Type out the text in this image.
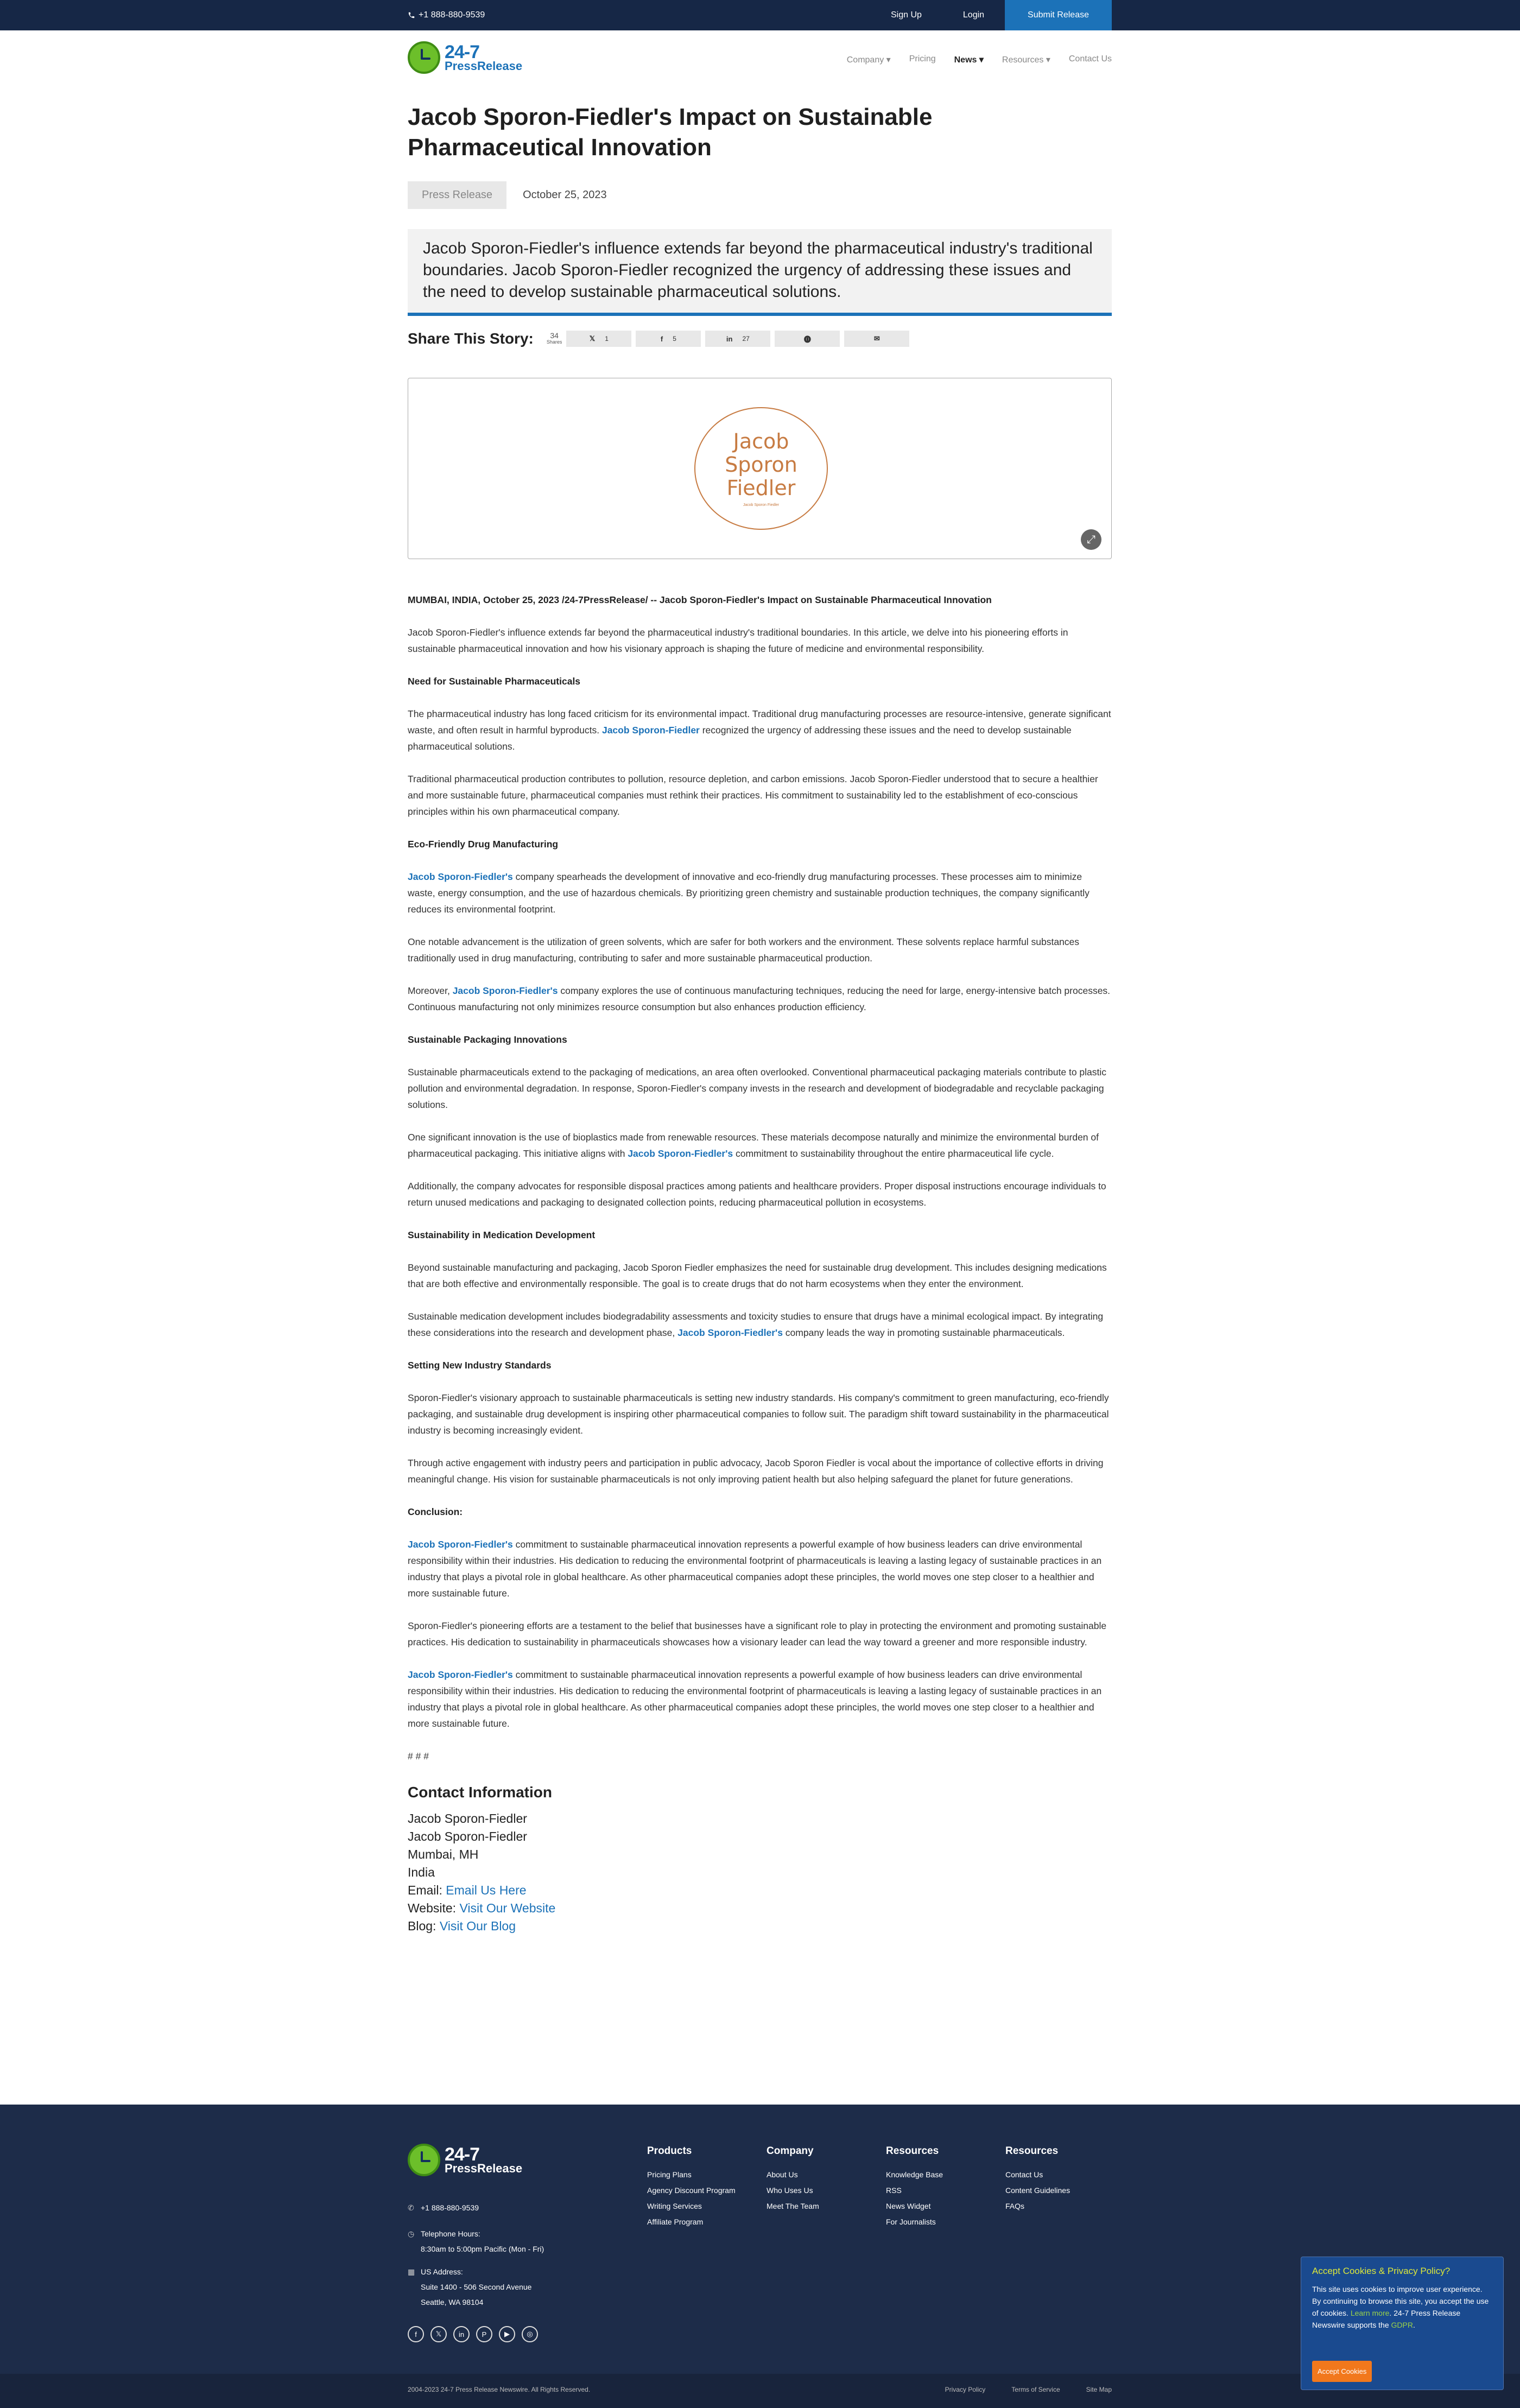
+1 888-880-9539	Sign Up	Login	Submit Release
24-7
PressRelease	Company ▾ Pricing News ▾ Resources ▾ Contact Us
Jacob Sporon-Fiedler's Impact on Sustainable Pharmaceutical Innovation
Press Release	October 25, 2023
Jacob Sporon-Fiedler's influence extends far beyond the pharmaceutical industry's traditional boundaries. Jacob Sporon-Fiedler recognized the urgency of addressing these issues and the need to develop sustainable pharmaceutical solutions.
Share This Story:	34
Shares	𝕏 1	f 5	in 27	⓿	✉
Jacob
Sporon
Fiedler
Jacob Sporon Fiedler
⤢

MUMBAI, INDIA, October 25, 2023 /24-7PressRelease/ -- Jacob Sporon-Fiedler's Impact on Sustainable Pharmaceutical Innovation

Jacob Sporon-Fiedler's influence extends far beyond the pharmaceutical industry's traditional boundaries. In this article, we delve into his pioneering efforts in sustainable pharmaceutical innovation and how his visionary approach is shaping the future of medicine and environmental responsibility.

Need for Sustainable Pharmaceuticals

The pharmaceutical industry has long faced criticism for its environmental impact. Traditional drug manufacturing processes are resource-intensive, generate significant waste, and often result in harmful byproducts. Jacob Sporon-Fiedler recognized the urgency of addressing these issues and the need to develop sustainable pharmaceutical solutions.

Traditional pharmaceutical production contributes to pollution, resource depletion, and carbon emissions. Jacob Sporon-Fiedler understood that to secure a healthier and more sustainable future, pharmaceutical companies must rethink their practices. His commitment to sustainability led to the establishment of eco-conscious principles within his own pharmaceutical company.

Eco-Friendly Drug Manufacturing

Jacob Sporon-Fiedler's company spearheads the development of innovative and eco-friendly drug manufacturing processes. These processes aim to minimize waste, energy consumption, and the use of hazardous chemicals. By prioritizing green chemistry and sustainable production techniques, the company significantly reduces its environmental footprint.

One notable advancement is the utilization of green solvents, which are safer for both workers and the environment. These solvents replace harmful substances traditionally used in drug manufacturing, contributing to safer and more sustainable pharmaceutical production.

Moreover, Jacob Sporon-Fiedler's company explores the use of continuous manufacturing techniques, reducing the need for large, energy-intensive batch processes. Continuous manufacturing not only minimizes resource consumption but also enhances production efficiency.

Sustainable Packaging Innovations

Sustainable pharmaceuticals extend to the packaging of medications, an area often overlooked. Conventional pharmaceutical packaging materials contribute to plastic pollution and environmental degradation. In response, Sporon-Fiedler's company invests in the research and development of biodegradable and recyclable packaging solutions.

One significant innovation is the use of bioplastics made from renewable resources. These materials decompose naturally and minimize the environmental burden of pharmaceutical packaging. This initiative aligns with Jacob Sporon-Fiedler's commitment to sustainability throughout the entire pharmaceutical life cycle.

Additionally, the company advocates for responsible disposal practices among patients and healthcare providers. Proper disposal instructions encourage individuals to return unused medications and packaging to designated collection points, reducing pharmaceutical pollution in ecosystems.

Sustainability in Medication Development

Beyond sustainable manufacturing and packaging, Jacob Sporon Fiedler emphasizes the need for sustainable drug development. This includes designing medications that are both effective and environmentally responsible. The goal is to create drugs that do not harm ecosystems when they enter the environment.

Sustainable medication development includes biodegradability assessments and toxicity studies to ensure that drugs have a minimal ecological impact. By integrating these considerations into the research and development phase, Jacob Sporon-Fiedler's company leads the way in promoting sustainable pharmaceuticals.

Setting New Industry Standards

Sporon-Fiedler's visionary approach to sustainable pharmaceuticals is setting new industry standards. His company's commitment to green manufacturing, eco-friendly packaging, and sustainable drug development is inspiring other pharmaceutical companies to follow suit. The paradigm shift toward sustainability in the pharmaceutical industry is becoming increasingly evident.

Through active engagement with industry peers and participation in public advocacy, Jacob Sporon Fiedler is vocal about the importance of collective efforts in driving meaningful change. His vision for sustainable pharmaceuticals is not only improving patient health but also helping safeguard the planet for future generations.

Conclusion:

Jacob Sporon-Fiedler's commitment to sustainable pharmaceutical innovation represents a powerful example of how business leaders can drive environmental responsibility within their industries. His dedication to reducing the environmental footprint of pharmaceuticals is leaving a lasting legacy of sustainable practices in an industry that plays a pivotal role in global healthcare. As other pharmaceutical companies adopt these principles, the world moves one step closer to a healthier and more sustainable future.

Sporon-Fiedler's pioneering efforts are a testament to the belief that businesses have a significant role to play in protecting the environment and promoting sustainable practices. His dedication to sustainability in pharmaceuticals showcases how a visionary leader can lead the way toward a greener and more responsible industry.

Jacob Sporon-Fiedler's commitment to sustainable pharmaceutical innovation represents a powerful example of how business leaders can drive environmental responsibility within their industries. His dedication to reducing the environmental footprint of pharmaceuticals is leaving a lasting legacy of sustainable practices in an industry that plays a pivotal role in global healthcare. As other pharmaceutical companies adopt these principles, the world moves one step closer to a healthier and more sustainable future.

# # #

Contact Information
Jacob Sporon-Fiedler
Jacob Sporon-Fiedler
Mumbai, MH
India
Email: Email Us Here
Website: Visit Our Website
Blog: Visit Our Blog
24-7
PressRelease
✆ +1 888-880-9539
◷ Telephone Hours:
8:30am to 5:00pm Pacific (Mon - Fri)
▦ US Address:
Suite 1400 - 506 Second Avenue
Seattle, WA 98104
f	𝕏	in	P	▶	◎
Products
Pricing Plans
Agency Discount Program
Writing Services
Affiliate Program
Company
About Us
Who Uses Us
Meet The Team
Resources
Knowledge Base
RSS
News Widget
For Journalists
Resources
Contact Us
Content Guidelines
FAQs
2004-2023 24-7 Press Release Newswire. All Rights Reserved.	Privacy Policy	Terms of Service	Site Map
Accept Cookies & Privacy Policy?
This site uses cookies to improve user experience. By continuing to browse this site, you accept the use of cookies. Learn more. 24-7 Press Release Newswire supports the GDPR.
Accept Cookies
